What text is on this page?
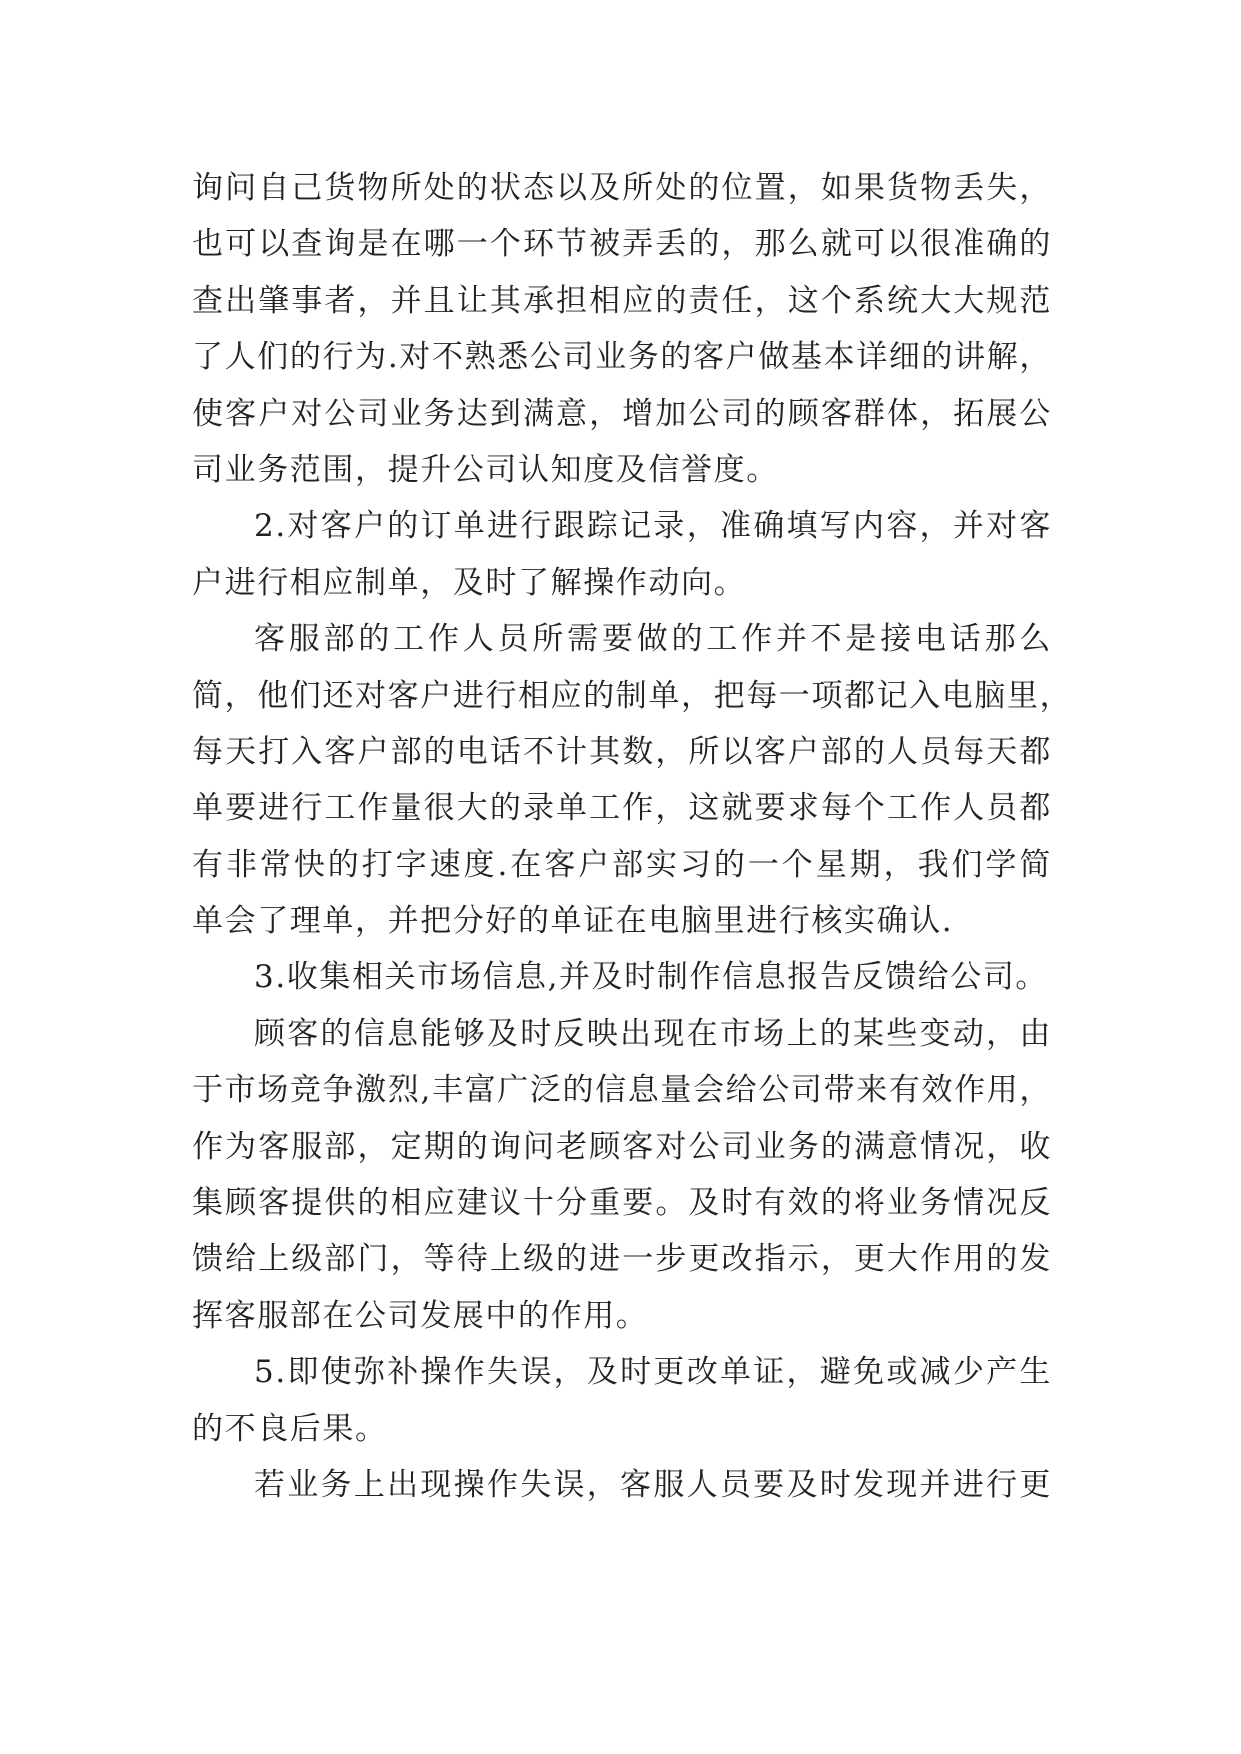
询问自己货物所处的状态以及所处的位置，如果货物丢失，
也可以查询是在哪一个环节被弄丢的，那么就可以很准确的
查出肇事者，并且让其承担相应的责任，这个系统大大规范
了人们的行为.对不熟悉公司业务的客户做基本详细的讲解，
使客户对公司业务达到满意，增加公司的顾客群体，拓展公
司业务范围，提升公司认知度及信誉度。
2.对客户的订单进行跟踪记录，准确填写内容，并对客
户进行相应制单，及时了解操作动向。
客服部的工作人员所需要做的工作并不是接电话那么
简，他们还对客户进行相应的制单，把每一项都记入电脑里，
每天打入客户部的电话不计其数，所以客户部的人员每天都
单要进行工作量很大的录单工作，这就要求每个工作人员都
有非常快的打字速度.在客户部实习的一个星期，我们学简
单会了理单，并把分好的单证在电脑里进行核实确认.
3.收集相关市场信息,并及时制作信息报告反馈给公司。
顾客的信息能够及时反映出现在市场上的某些变动，由
于市场竞争激烈,丰富广泛的信息量会给公司带来有效作用，
作为客服部，定期的询问老顾客对公司业务的满意情况，收
集顾客提供的相应建议十分重要。及时有效的将业务情况反
馈给上级部门，等待上级的进一步更改指示，更大作用的发
挥客服部在公司发展中的作用。
5.即使弥补操作失误，及时更改单证，避免或减少产生
的不良后果。
若业务上出现操作失误，客服人员要及时发现并进行更
